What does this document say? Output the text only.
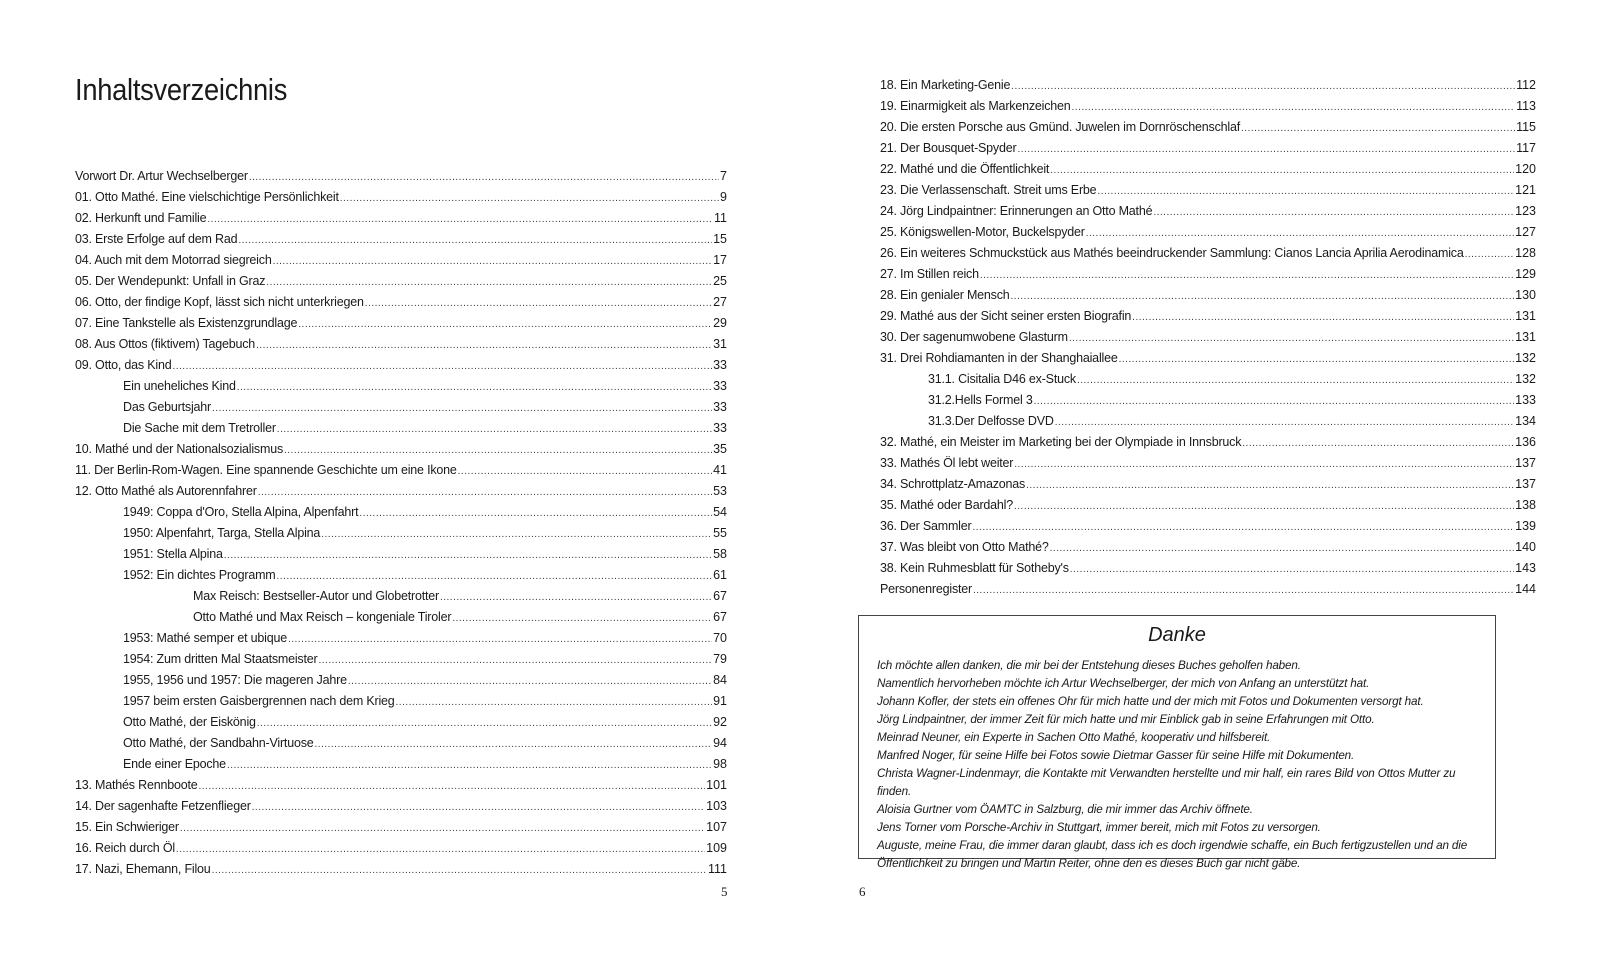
Inhaltsverzeichnis
Vorwort Dr. Artur Wechselberger .....	7
01. Otto Mathé. Eine vielschichtige Persönlichkeit .....	9
02. Herkunft und Familie .....	11
03. Erste Erfolge auf dem Rad .....	15
04. Auch mit dem Motorrad siegreich .....	17
05. Der Wendepunkt: Unfall in Graz .....	25
06. Otto, der findige Kopf, lässt sich nicht unterkriegen .....	27
07. Eine Tankstelle als Existenzgrundlage .....	29
08. Aus Ottos (fiktivem) Tagebuch .....	31
09. Otto, das Kind .....	33
Ein uneheliches Kind .....	33
Das Geburtsjahr .....	33
Die Sache mit dem Tretroller .....	33
10. Mathé und der Nationalsozialismus .....	35
11. Der Berlin-Rom-Wagen. Eine spannende Geschichte um eine Ikone .....	41
12. Otto Mathé als Autorennfahrer .....	53
1949: Coppa d'Oro, Stella Alpina, Alpenfahrt .....	54
1950: Alpenfahrt, Targa, Stella Alpina .....	55
1951: Stella Alpina .....	58
1952: Ein dichtes Programm .....	61
Max Reisch: Bestseller-Autor und Globetrotter .....	67
Otto Mathé und Max Reisch – kongeniale Tiroler .....	67
1953: Mathé semper et ubique .....	70
1954: Zum dritten Mal Staatsmeister .....	79
1955, 1956 und 1957: Die mageren Jahre .....	84
1957 beim ersten Gaisbergrennen nach dem Krieg .....	91
Otto Mathé, der Eiskönig .....	92
Otto Mathé, der Sandbahn-Virtuose .....	94
Ende einer Epoche .....	98
13. Mathés Rennboote .....	101
14. Der sagenhafte Fetzenflieger .....	103
15. Ein Schwieriger .....	107
16. Reich durch Öl .....	109
17. Nazi, Ehemann, Filou .....	111
5
18. Ein Marketing-Genie .....	112
19. Einarmigkeit als Markenzeichen .....	113
20. Die ersten Porsche aus Gmünd. Juwelen im Dornröschenschlaf .....	115
21. Der Bousquet-Spyder .....	117
22. Mathé und die Öffentlichkeit .....	120
23. Die Verlassenschaft. Streit ums Erbe .....	121
24. Jörg Lindpaintner: Erinnerungen an Otto Mathé .....	123
25. Königswellen-Motor, Buckelspyder .....	127
26. Ein weiteres Schmuckstück aus Mathés beeindruckender Sammlung: Cianos Lancia Aprilia Aerodinamica .....	128
27. Im Stillen reich .....	129
28. Ein genialer Mensch .....	130
29. Mathé aus der Sicht seiner ersten Biografin .....	131
30. Der sagenumwobene Glasturm .....	131
31. Drei Rohdiamanten in der Shanghaiallee .....	132
31.1. Cisitalia D46 ex-Stuck .....	132
31.2.Hells Formel 3 .....	133
31.3.Der Delfosse DVD .....	134
32. Mathé, ein Meister im Marketing bei der Olympiade in Innsbruck .....	136
33. Mathés Öl lebt weiter .....	137
34. Schrottplatz-Amazonas .....	137
35. Mathé oder Bardahl? .....	138
36. Der Sammler .....	139
37. Was bleibt von Otto Mathé? .....	140
38. Kein Ruhmesblatt für Sotheby's .....	143
Personenregister .....	144
Danke

Ich möchte allen danken, die mir bei der Entstehung dieses Buches geholfen haben.
Namentlich hervorheben möchte ich Artur Wechselberger, der mich von Anfang an unterstützt hat.
Johann Kofler, der stets ein offenes Ohr für mich hatte und der mich mit Fotos und Dokumenten versorgt hat.
Jörg Lindpaintner, der immer Zeit für mich hatte und mir Einblick gab in seine Erfahrungen mit Otto.
Meinrad Neuner, ein Experte in Sachen Otto Mathé, kooperativ und hilfsbereit.
Manfred Noger, für seine Hilfe bei Fotos sowie Dietmar Gasser für seine Hilfe mit Dokumenten.
Christa Wagner-Lindenmayr, die Kontakte mit Verwandten herstellte und mir half, ein rares Bild von Ottos Mutter zu finden.
Aloisia Gurtner vom ÖAMTC in Salzburg, die mir immer das Archiv öffnete.
Jens Torner vom Porsche-Archiv in Stuttgart, immer bereit, mich mit Fotos zu versorgen.
Auguste, meine Frau, die immer daran glaubt, dass ich es doch irgendwie schaffe, ein Buch fertigzustellen und an die Öffentlichkeit zu bringen und Martin Reiter, ohne den es dieses Buch gar nicht gäbe.

6
